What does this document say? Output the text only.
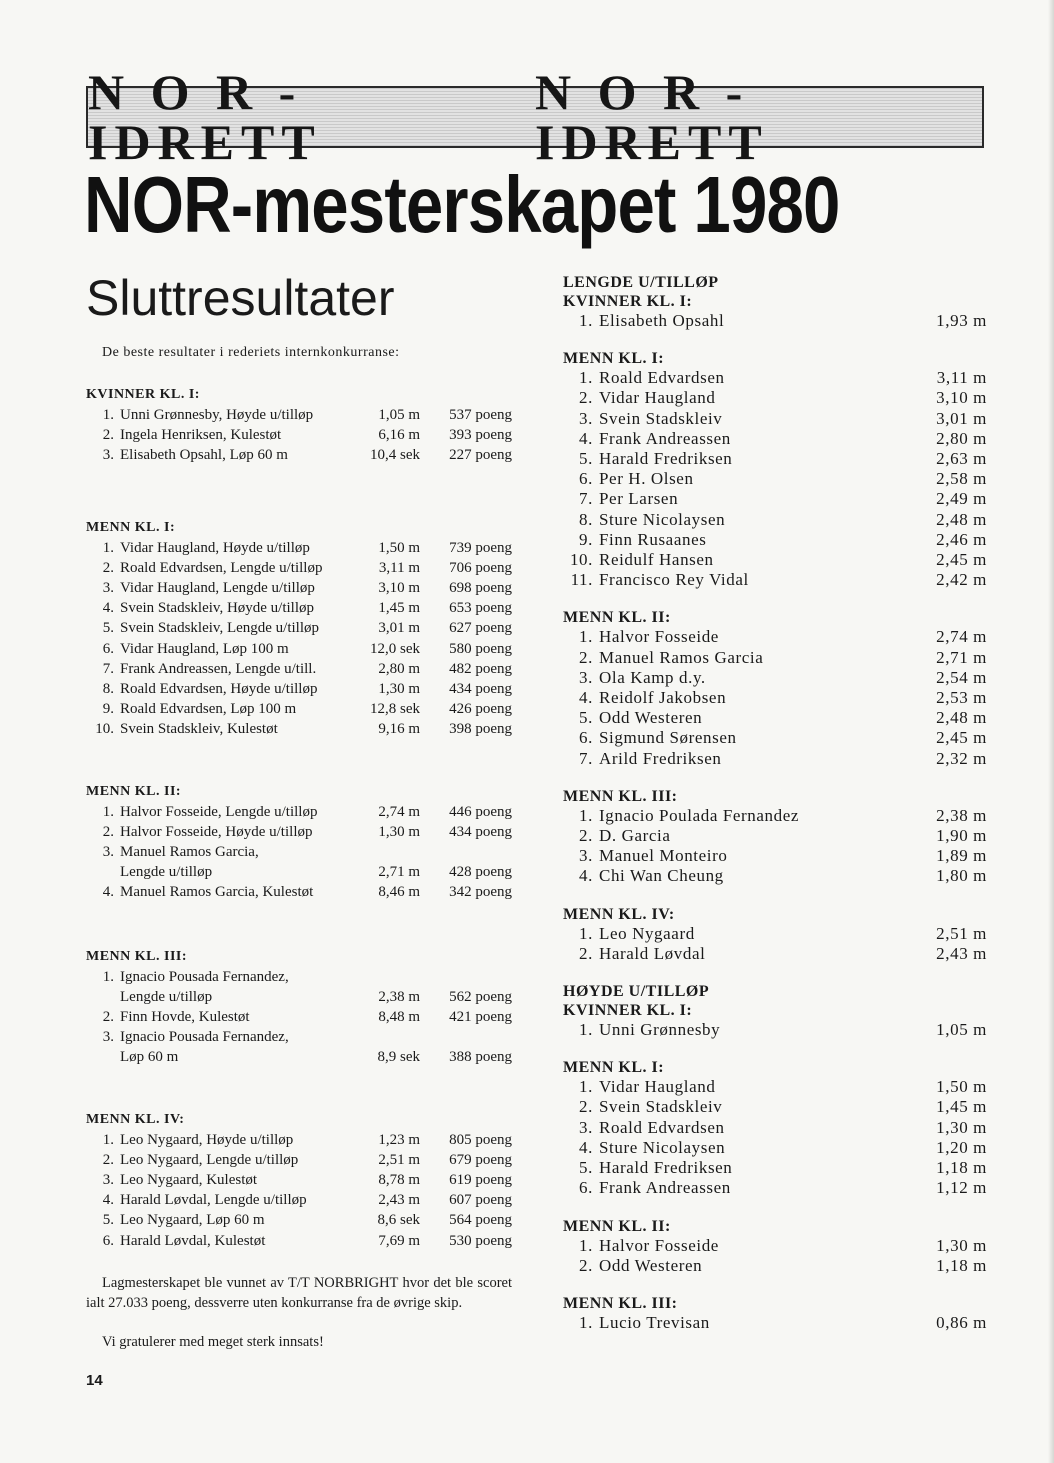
N O R - IDRETT
N O R - IDRETT
NOR-mesterskapet 1980
Sluttresultater
De beste resultater i rederiets internkonkurranse:
KVINNER KL. I:
1. Unni Grønnesby, Høyde u/tilløp	1,05 m	537 poeng
2. Ingela Henriksen, Kulestøt	6,16 m	393 poeng
3. Elisabeth Opsahl, Løp 60 m	10,4 sek	227 poeng
MENN KL. I:
1. Vidar Haugland, Høyde u/tilløp	1,50 m	739 poeng
2. Roald Edvardsen, Lengde u/tilløp	3,11 m	706 poeng
3. Vidar Haugland, Lengde u/tilløp	3,10 m	698 poeng
4. Svein Stadskleiv, Høyde u/tilløp	1,45 m	653 poeng
5. Svein Stadskleiv, Lengde u/tilløp	3,01 m	627 poeng
6. Vidar Haugland, Løp 100 m	12,0 sek	580 poeng
7. Frank Andreassen, Lengde u/till.	2,80 m	482 poeng
8. Roald Edvardsen, Høyde u/tilløp	1,30 m	434 poeng
9. Roald Edvardsen, Løp 100 m	12,8 sek	426 poeng
10. Svein Stadskleiv, Kulestøt	9,16 m	398 poeng
MENN KL. II:
1. Halvor Fosseide, Lengde u/tilløp	2,74 m	446 poeng
2. Halvor Fosseide, Høyde u/tilløp	1,30 m	434 poeng
3. Manuel Ramos Garcia,
Lengde u/tilløp	2,71 m	428 poeng
4. Manuel Ramos Garcia, Kulestøt	8,46 m	342 poeng
MENN KL. III:
1. Ignacio Pousada Fernandez,
Lengde u/tilløp	2,38 m	562 poeng
2. Finn Hovde, Kulestøt	8,48 m	421 poeng
3. Ignacio Pousada Fernandez,
Løp 60 m	8,9 sek	388 poeng
MENN KL. IV:
1. Leo Nygaard, Høyde u/tilløp	1,23 m	805 poeng
2. Leo Nygaard, Lengde u/tilløp	2,51 m	679 poeng
3. Leo Nygaard, Kulestøt	8,78 m	619 poeng
4. Harald Løvdal, Lengde u/tilløp	2,43 m	607 poeng
5. Leo Nygaard, Løp 60 m	8,6 sek	564 poeng
6. Harald Løvdal, Kulestøt	7,69 m	530 poeng

Lagmesterskapet ble vunnet av T/T NORBRIGHT hvor det ble scoret ialt 27.033 poeng, dessverre uten konkurranse fra de øvrige skip.

Vi gratulerer med meget sterk innsats!

14
LENGDE U/TILLØP
KVINNER KL. I:
1. Elisabeth Opsahl	1,93 m
MENN KL. I:
1. Roald Edvardsen	3,11 m
2. Vidar Haugland	3,10 m
3. Svein Stadskleiv	3,01 m
4. Frank Andreassen	2,80 m
5. Harald Fredriksen	2,63 m
6. Per H. Olsen	2,58 m
7. Per Larsen	2,49 m
8. Sture Nicolaysen	2,48 m
9. Finn Rusaanes	2,46 m
10. Reidulf Hansen	2,45 m
11. Francisco Rey Vidal	2,42 m
MENN KL. II:
1. Halvor Fosseide	2,74 m
2. Manuel Ramos Garcia	2,71 m
3. Ola Kamp d.y.	2,54 m
4. Reidolf Jakobsen	2,53 m
5. Odd Westeren	2,48 m
6. Sigmund Sørensen	2,45 m
7. Arild Fredriksen	2,32 m
MENN KL. III:
1. Ignacio Poulada Fernandez	2,38 m
2. D. Garcia	1,90 m
3. Manuel Monteiro	1,89 m
4. Chi Wan Cheung	1,80 m
MENN KL. IV:
1. Leo Nygaard	2,51 m
2. Harald Løvdal	2,43 m
HØYDE U/TILLØP
KVINNER KL. I:
1. Unni Grønnesby	1,05 m
MENN KL. I:
1. Vidar Haugland	1,50 m
2. Svein Stadskleiv	1,45 m
3. Roald Edvardsen	1,30 m
4. Sture Nicolaysen	1,20 m
5. Harald Fredriksen	1,18 m
6. Frank Andreassen	1,12 m
MENN KL. II:
1. Halvor Fosseide	1,30 m
2. Odd Westeren	1,18 m
MENN KL. III:
1. Lucio Trevisan	0,86 m
